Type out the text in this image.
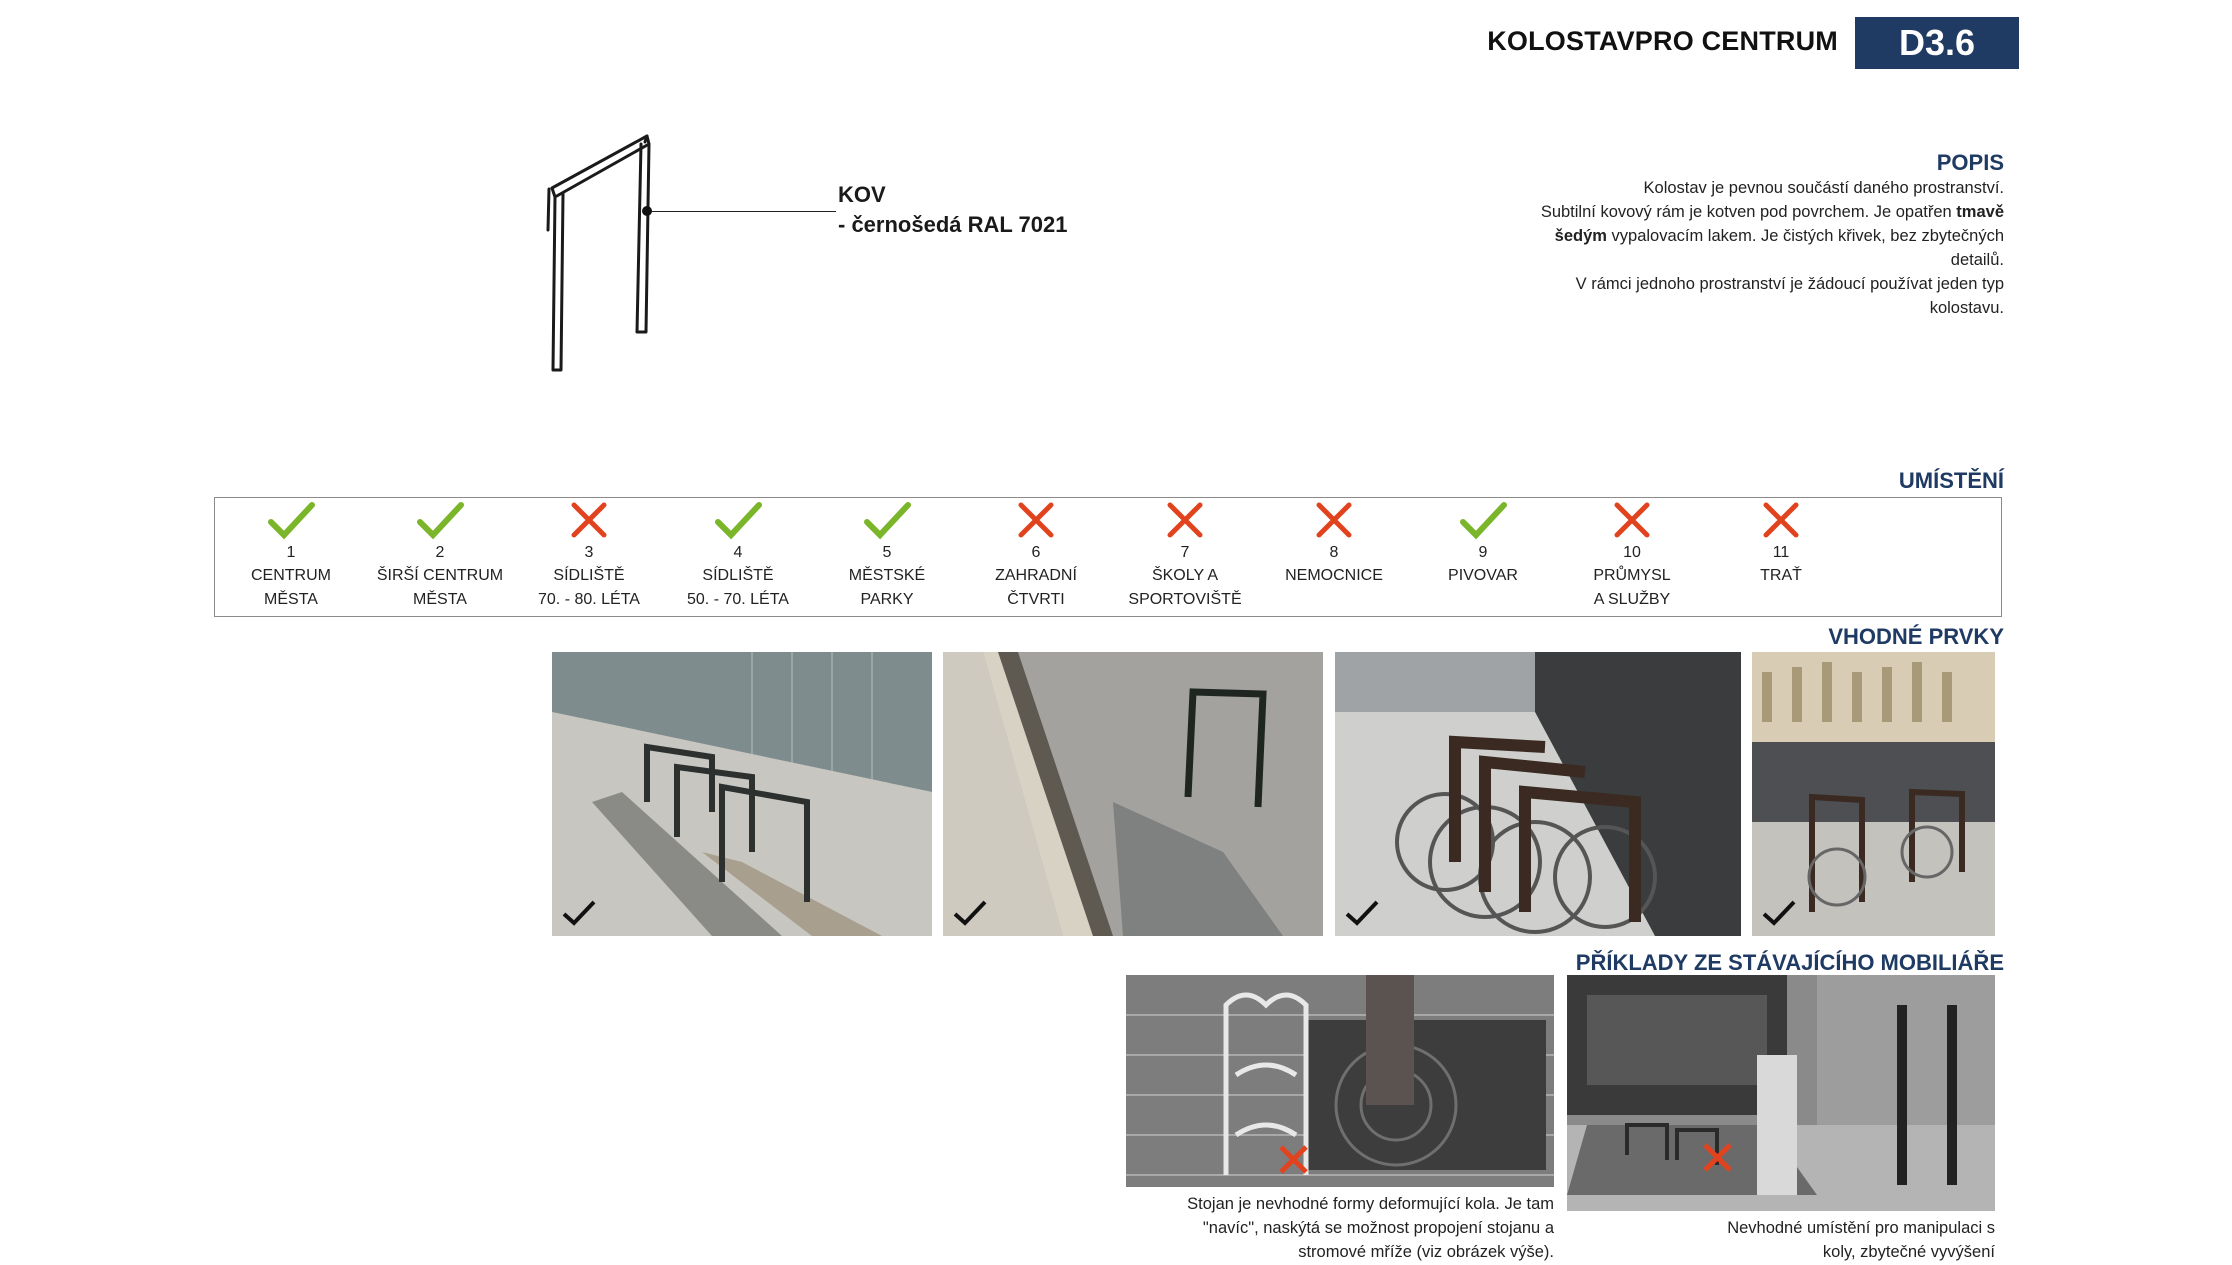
KOLOSTAVPRO CENTRUM	D3.6
KOV
- černošedá RAL 7021
POPIS
Kolostav je pevnou součástí daného prostranství.
Subtilní kovový rám je kotven pod povrchem. Je opatřen tmavě
šedým vypalovacím lakem. Je čistých křivek, bez zbytečných
detailů.
V rámci jednoho prostranství je žádoucí používat jeden typ
kolostavu.
UMÍSTĚNÍ
1
CENTRUM
MĚSTA
2
ŠIRŠÍ CENTRUM
MĚSTA
3
SÍDLIŠTĚ
70. - 80. LÉTA
4
SÍDLIŠTĚ
50. - 70. LÉTA
5
MĚSTSKÉ
PARKY
6
ZAHRADNÍ
ČTVRTI
7
ŠKOLY A
SPORTOVIŠTĚ
8
NEMOCNICE
9
PIVOVAR
10
PRŮMYSL
A SLUŽBY
11
TRAŤ
VHODNÉ PRVKY
PŘÍKLADY ZE STÁVAJÍCÍHO MOBILIÁŘE
Stojan je nevhodné formy deformující kola. Je tam
"navíc", naskýtá se možnost propojení stojanu a
stromové mříže (viz obrázek výše).
Nevhodné umístění pro manipulaci s
koly, zbytečné vyvýšení
